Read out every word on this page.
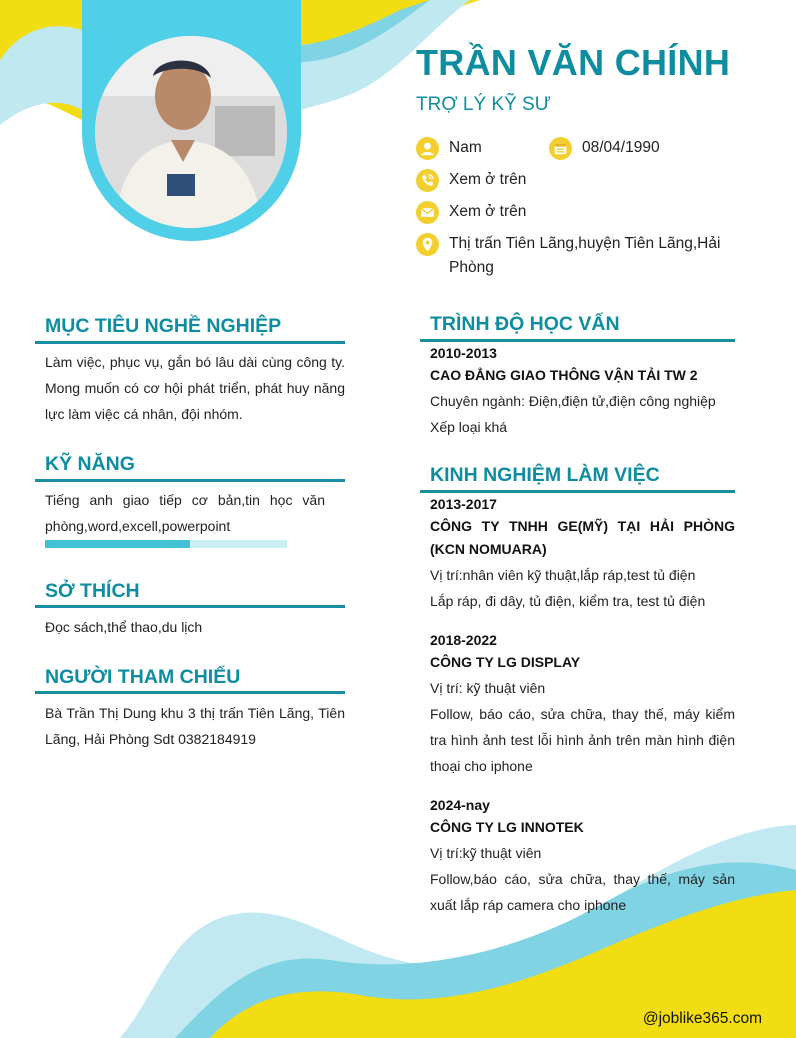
TRẦN VĂN CHÍNH
TRỢ LÝ KỸ SƯ
Nam	08/04/1990
Xem ở trên
Xem ở trên
Thị trấn Tiên Lãng,huyện Tiên Lãng,Hải
Phòng
MỤC TIÊU NGHỀ NGHIỆP

Làm việc, phục vụ, gắn bó lâu dài cùng công ty. Mong muốn có cơ hội phát triển, phát huy năng lực làm việc cá nhân, đội nhóm.

KỸ NĂNG

Tiếng anh giao tiếp cơ bản,tin học văn phòng,word,excell,powerpoint

SỞ THÍCH

Đọc sách,thể thao,du lịch

NGƯỜI THAM CHIẾU

Bà Trần Thị Dung khu 3 thị trấn Tiên Lãng, Tiên Lãng, Hải Phòng Sdt 0382184919

TRÌNH ĐỘ HỌC VẤN

2010-2013

CAO ĐẲNG GIAO THÔNG VẬN TẢI TW 2

Chuyên ngành: Điện,điện tử,điện công nghiệp

Xếp loại khá

KINH NGHIỆM LÀM VIỆC

2013-2017

CÔNG TY TNHH GE(MỸ) TẠI HẢI PHÒNG (KCN NOMUARA)

Vị trí:nhân viên kỹ thuật,lắp ráp,test tủ điện

Lắp ráp, đi dây, tủ điện, kiểm tra, test tủ điện

2018-2022

CÔNG TY LG DISPLAY

Vị trí: kỹ thuật viên

Follow, báo cáo, sửa chữa, thay thế, máy kiểm tra hình ảnh test lỗi hình ảnh trên màn hình điện thoại cho iphone

2024-nay

CÔNG TY LG INNOTEK

Vị trí:kỹ thuật viên

Follow,báo cáo, sửa chữa, thay thế, máy sản xuất lắp ráp camera cho iphone

@joblike365.com
